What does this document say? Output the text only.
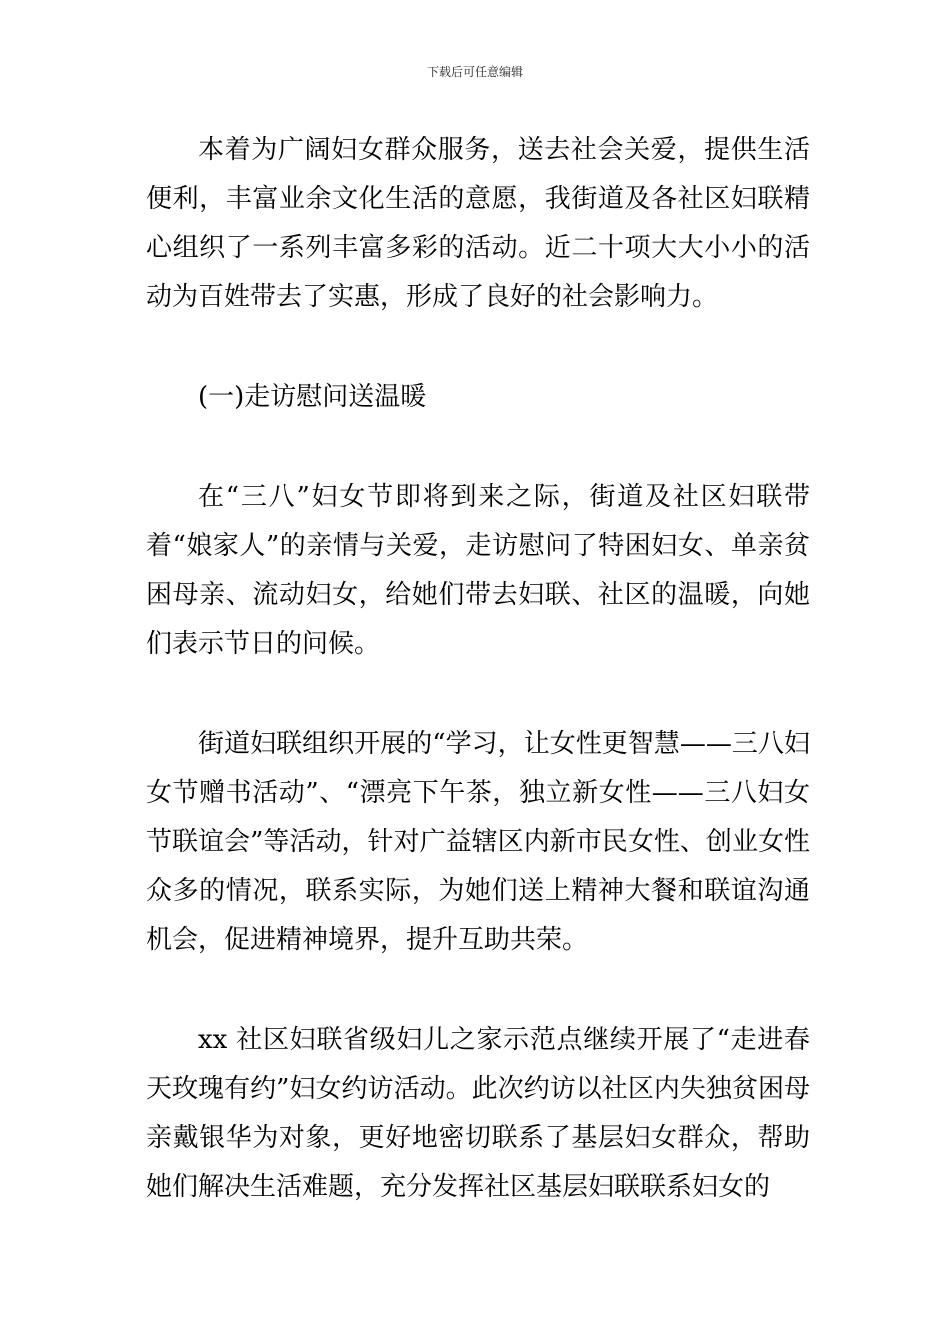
下载后可任意编辑

本着为广阔妇女群众服务，送去社会关爱，提供生活便利，丰富业余文化生活的意愿，我街道及各社区妇联精心组织了一系列丰富多彩的活动。近二十项大大小小的活动为百姓带去了实惠，形成了良好的社会影响力。

(一)走访慰问送温暖

在“三八”妇女节即将到来之际，街道及社区妇联带着“娘家人”的亲情与关爱，走访慰问了特困妇女、单亲贫困母亲、流动妇女，给她们带去妇联、社区的温暖，向她们表示节日的问候。

街道妇联组织开展的“学习，让女性更智慧——三八妇女节赠书活动”、“漂亮下午茶，独立新女性——三八妇女节联谊会”等活动，针对广益辖区内新市民女性、创业女性众多的情况，联系实际，为她们送上精神大餐和联谊沟通机会，促进精神境界，提升互助共荣。

xx 社区妇联省级妇儿之家示范点继续开展了“走进春天玫瑰有约”妇女约访活动。此次约访以社区内失独贫困母亲戴银华为对象，更好地密切联系了基层妇女群众，帮助她们解决生活难题，充分发挥社区基层妇联联系妇女的
